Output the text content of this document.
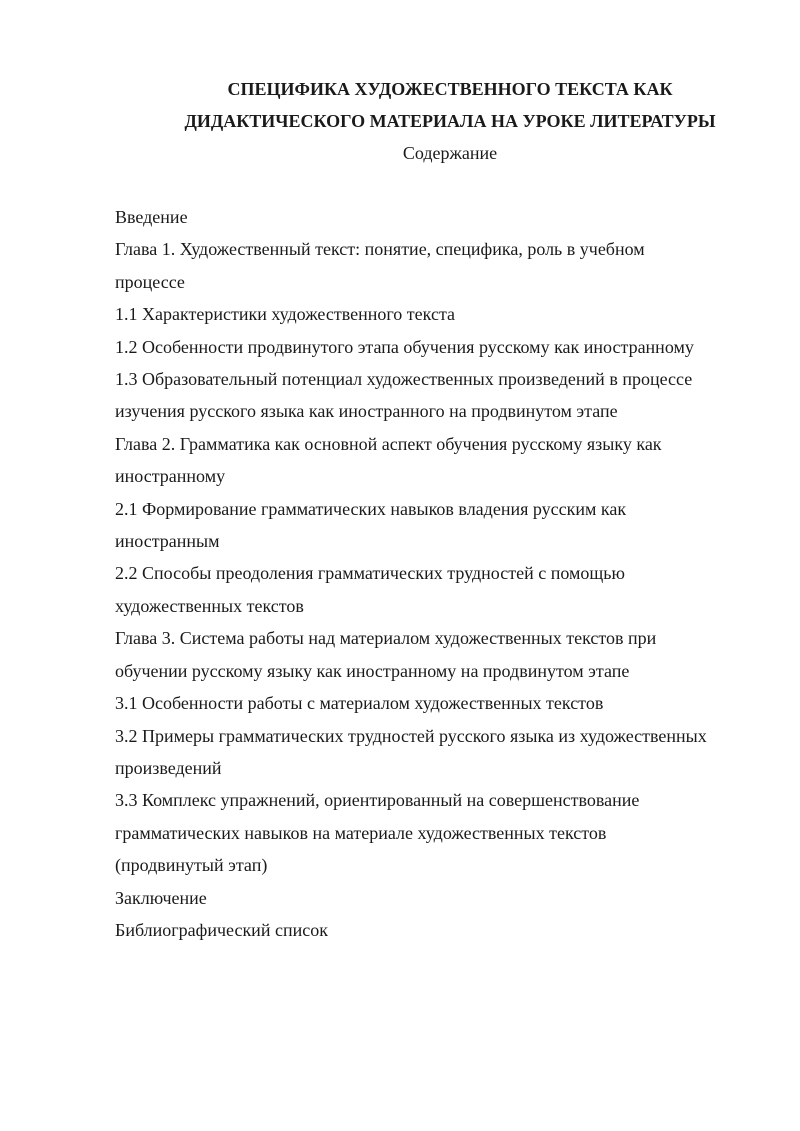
СПЕЦИФИКА ХУДОЖЕСТВЕННОГО ТЕКСТА КАК
ДИДАКТИЧЕСКОГО МАТЕРИАЛА НА УРОКЕ ЛИТЕРАТУРЫ
Содержание
Введение
Глава 1. Художественный текст: понятие, специфика, роль в учебном
процессе
1.1 Характеристики художественного текста
1.2 Особенности продвинутого этапа обучения русскому как иностранному
1.3 Образовательный потенциал художественных произведений в процессе
изучения русского языка как иностранного на продвинутом этапе
Глава 2. Грамматика как основной аспект обучения русскому языку как
иностранному
2.1 Формирование грамматических навыков владения русским как
иностранным
2.2 Способы преодоления грамматических трудностей с помощью
художественных текстов
Глава 3. Система работы над материалом художественных текстов при
обучении русскому языку как иностранному на продвинутом этапе
3.1 Особенности работы с материалом художественных текстов
3.2 Примеры грамматических трудностей русского языка из художественных
произведений
3.3 Комплекс упражнений, ориентированный на совершенствование
грамматических навыков на материале художественных текстов
(продвинутый этап)
Заключение
Библиографический список
